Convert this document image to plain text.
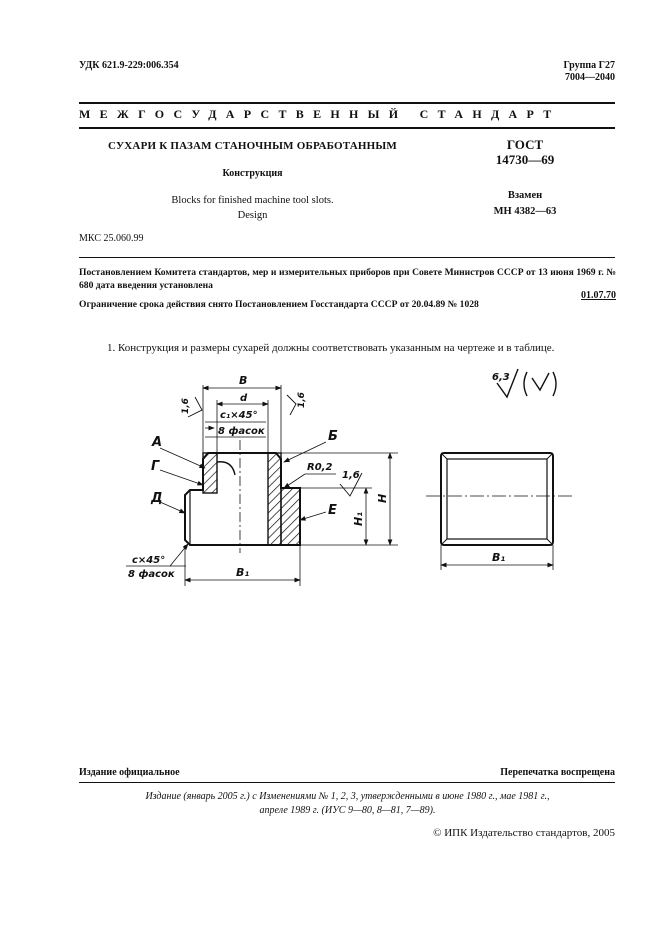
УДК 621.9-229:006.354	Группа Г27
7004—2040
МЕЖГОСУДАРСТВЕННЫЙ СТАНДАРТ
СУХАРИ К ПАЗАМ СТАНОЧНЫМ ОБРАБОТАННЫМ
Конструкция
Blocks for finished machine tool slots.
Design
ГОСТ
14730—69
Взамен
МН 4382—63
МКС 25.060.99
Постановлением Комитета стандартов, мер и измерительных приборов при Совете Министров СССР от 13 июня 1969 г. № 680 дата введения установлена
01.07.70
Ограничение срока действия снято Постановлением Госстандарта СССР от 20.04.89 № 1028
1. Конструкция и размеры сухарей должны соответствовать указанным на чертеже и в таблице.
B
d
c₁×45°
8 фасок
1,6	1,6
А
Г
Д
Б
Е
R0,2
1,6
H
H₁
c×45°
8 фасок	B₁
6,3
B₁
Издание официальное	Перепечатка воспрещена
Издание (январь 2005 г.) с Изменениями № 1, 2, 3, утвержденными в июне 1980 г., мае 1981 г.,
апреле 1989 г. (ИУС 9—80, 8—81, 7—89).
© ИПК Издательство стандартов, 2005
